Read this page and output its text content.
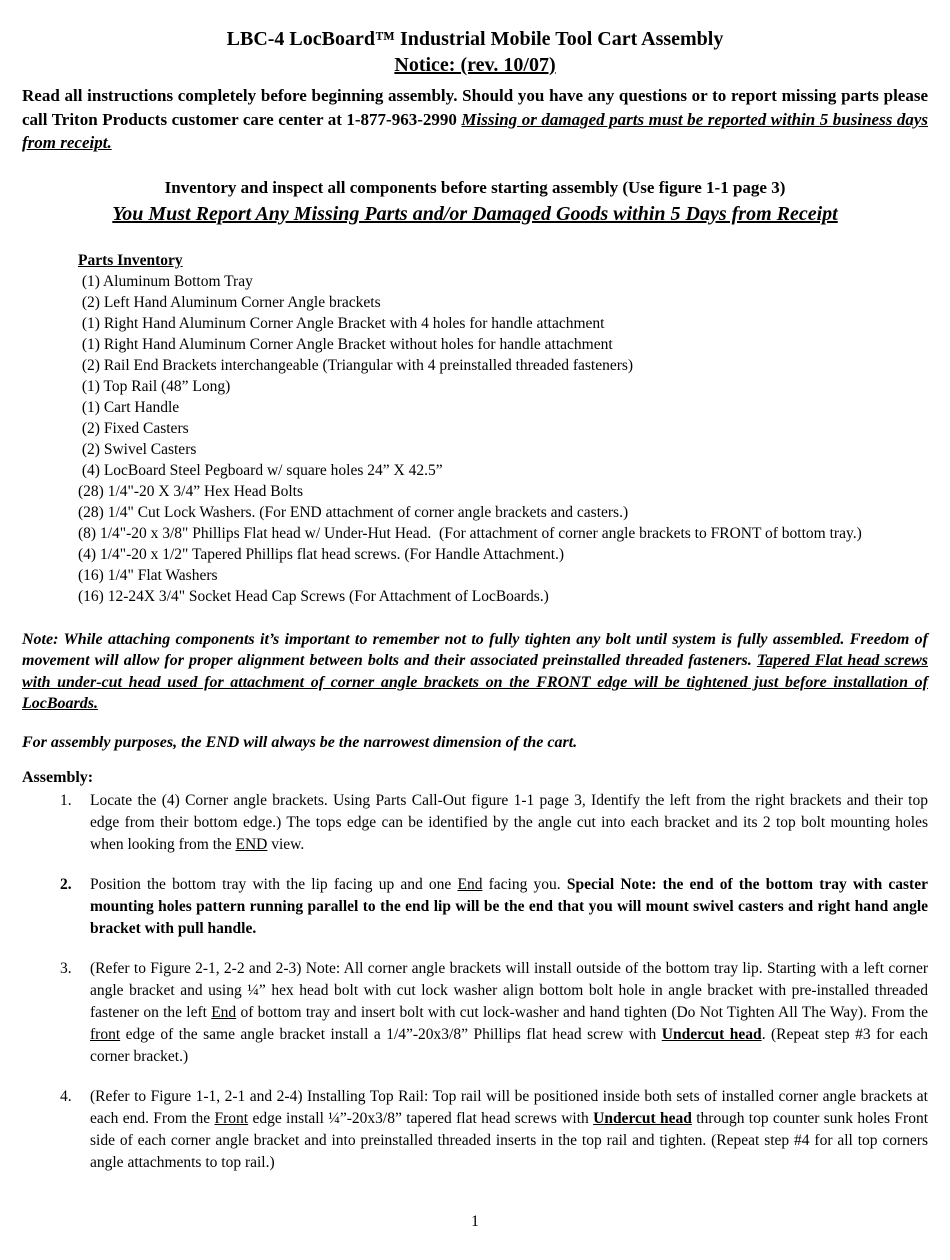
LBC-4 LocBoard™ Industrial Mobile Tool Cart Assembly
Notice: (rev. 10/07)

Read all instructions completely before beginning assembly. Should you have any questions or to report missing parts please call Triton Products customer care center at 1-877-963-2990 Missing or damaged parts must be reported within 5 business days from receipt.

Inventory and inspect all components before starting assembly (Use figure 1-1 page 3)

You Must Report Any Missing Parts and/or Damaged Goods within 5 Days from Receipt

Parts Inventory

(1) Aluminum Bottom Tray

(2) Left Hand Aluminum Corner Angle brackets

(1) Right Hand Aluminum Corner Angle Bracket with 4 holes for handle attachment

(1) Right Hand Aluminum Corner Angle Bracket without holes for handle attachment

(2) Rail End Brackets interchangeable (Triangular with 4 preinstalled threaded fasteners)

(1) Top Rail (48” Long)

(1) Cart Handle

(2) Fixed Casters

(2) Swivel Casters

(4) LocBoard Steel Pegboard w/ square holes 24” X 42.5”

(28) 1/4"-20 X 3/4” Hex Head Bolts

(28) 1/4" Cut Lock Washers. (For END attachment of corner angle brackets and casters.)

(8) 1/4"-20 x 3/8" Phillips Flat head w/ Under-Hut Head.  (For attachment of corner angle brackets to FRONT of bottom tray.)

(4) 1/4"-20 x 1/2" Tapered Phillips flat head screws. (For Handle Attachment.)

(16) 1/4" Flat Washers

(16) 12-24X 3/4" Socket Head Cap Screws (For Attachment of LocBoards.)

Note: While attaching components it’s important to remember not to fully tighten any bolt until system is fully assembled. Freedom of movement will allow for proper alignment between bolts and their associated preinstalled threaded fasteners. Tapered Flat head screws with under-cut head used for attachment of corner angle brackets on the FRONT edge will be tightened just before installation of LocBoards.

For assembly purposes, the END will always be the narrowest dimension of the cart.

Assembly:
1.	Locate the (4) Corner angle brackets. Using Parts Call-Out figure 1-1 page 3, Identify the left from the right brackets and their top edge from their bottom edge.) The tops edge can be identified by the angle cut into each bracket and its 2 top bolt mounting holes when looking from the END view.
2.	Position the bottom tray with the lip facing up and one End facing you. Special Note: the end of the bottom tray with caster mounting holes pattern running parallel to the end lip will be the end that you will mount swivel casters and right hand angle bracket with pull handle.
3.	(Refer to Figure 2-1, 2-2 and 2-3) Note: All corner angle brackets will install outside of the bottom tray lip. Starting with a left corner angle bracket and using ¼” hex head bolt with cut lock washer align bottom bolt hole in angle bracket with pre-installed threaded fastener on the left End of bottom tray and insert bolt with cut lock-washer and hand tighten (Do Not Tighten All The Way). From the front edge of the same angle bracket install a 1/4”-20x3/8” Phillips flat head screw with Undercut head. (Repeat step #3 for each corner bracket.)
4.	(Refer to Figure 1-1, 2-1 and 2-4) Installing Top Rail: Top rail will be positioned inside both sets of installed corner angle brackets at each end. From the Front edge install ¼”-20x3/8” tapered flat head screws with Undercut head through top counter sunk holes Front side of each corner angle bracket and into preinstalled threaded inserts in the top rail and tighten. (Repeat step #4 for all top corners angle attachments to top rail.)
1
